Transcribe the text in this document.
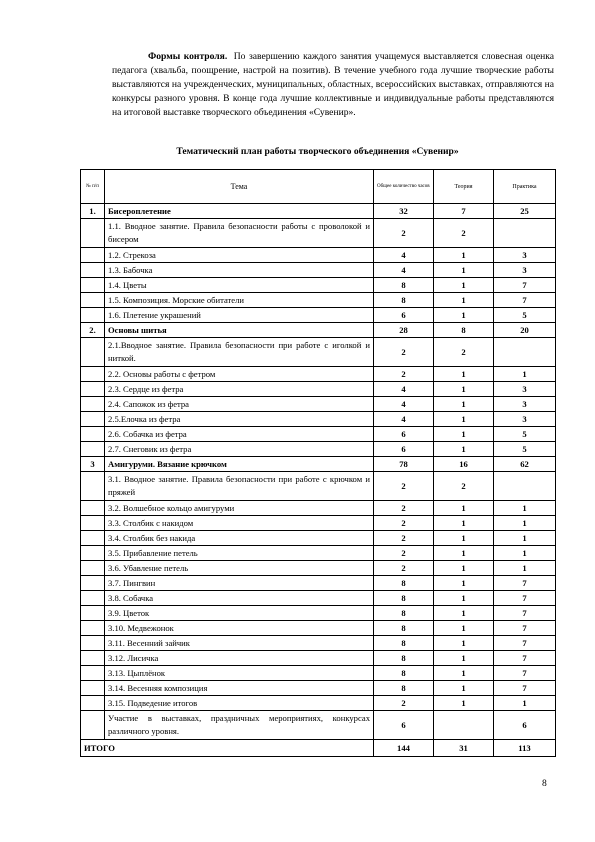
Формы контроля. По завершению каждого занятия учащемуся выставляется словесная оценка педагога (хвальба, поощрение, настрой на позитив). В течение учебного года лучшие творческие работы выставляются на учрежденческих, муниципальных, областных, всероссийских выставках, отправляются на конкурсы разного уровня. В конце года лучшие коллективные и индивидуальные работы представляются на итоговой выставке творческого объединения «Сувенир».
Тематический план работы творческого объединения «Сувенир»
№ п/п	Тема	Общее количество часов	Теория	Практика
1.	Бисероплетение	32	7	25
	1.1. Вводное занятие. Правила безопасности работы с проволокой и бисером	2	2	
	1.2. Стрекоза	4	1	3
	1.3. Бабочка	4	1	3
	1.4. Цветы	8	1	7
	1.5. Композиция. Морские обитатели	8	1	7
	1.6. Плетение украшений	6	1	5
2.	Основы шитья	28	8	20
	2.1.Вводное занятие. Правила безопасности при работе с иголкой и ниткой.	2	2	
	2.2. Основы работы с фетром	2	1	1
	2.3. Сердце из фетра	4	1	3
	2.4. Сапожок из фетра	4	1	3
	2.5.Елочка из фетра	4	1	3
	2.6. Собачка из фетра	6	1	5
	2.7. Снеговик из фетра	6	1	5
3	Амигуруми. Вязание крючком	78	16	62
	3.1. Вводное занятие. Правила безопасности при работе с крючком и пряжей	2	2	
	3.2. Волшебное кольцо амигуруми	2	1	1
	3.3. Столбик с накидом	2	1	1
	3.4. Столбик без накида	2	1	1
	3.5. Прибавление петель	2	1	1
	3.6. Убавление петель	2	1	1
	3.7. Пингвин	8	1	7
	3.8. Собачка	8	1	7
	3.9. Цветок	8	1	7
	3.10. Медвежонок	8	1	7
	3.11. Весенний зайчик	8	1	7
	3.12. Лисичка	8	1	7
	3.13. Цыплёнок	8	1	7
	3.14. Весенняя композиция	8	1	7
	3.15. Подведение итогов	2	1	1
	Участие в выставках, праздничных мероприятиях, конкурсах различного уровня.	6		6
ИТОГО		144	31	113
8
